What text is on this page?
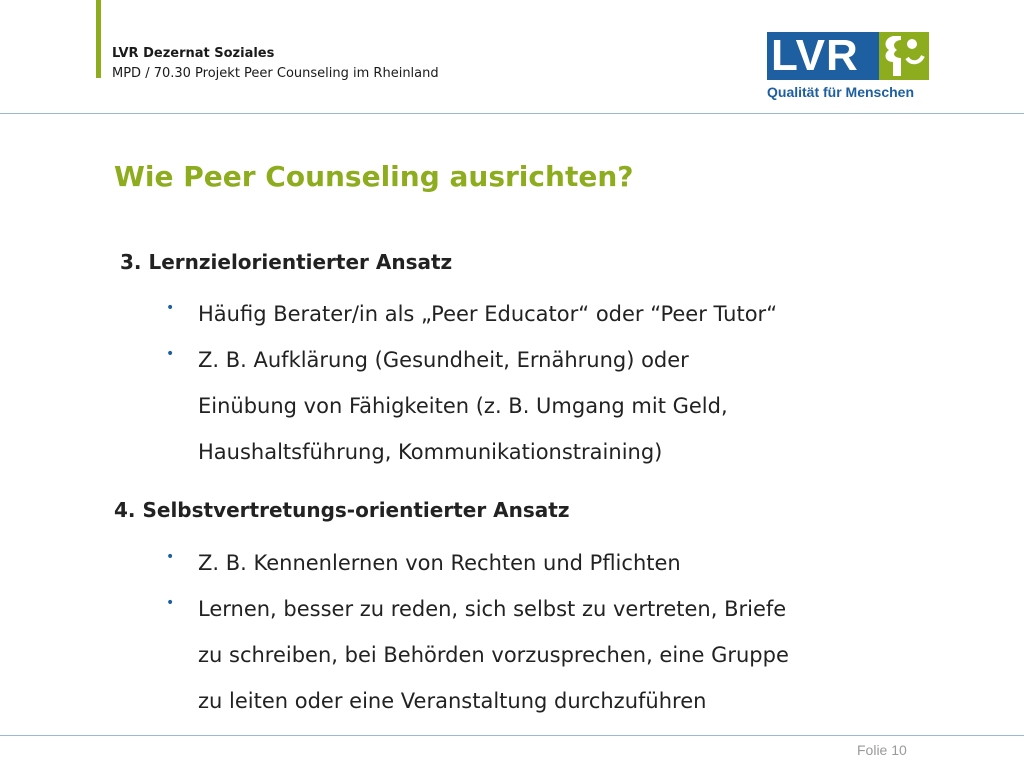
LVR Dezernat Soziales
MPD / 70.30 Projekt Peer Counseling im Rheinland	LVR
Qualität für Menschen
Wie Peer Counseling ausrichten?
3. Lernzielorientierter Ansatz
• Häufig Berater/in als „Peer Educator“ oder “Peer Tutor“
• Z. B. Aufklärung (Gesundheit, Ernährung) oder
Einübung von Fähigkeiten (z. B. Umgang mit Geld,
Haushaltsführung, Kommunikationstraining)
4. Selbstvertretungs-orientierter Ansatz
• Z. B. Kennenlernen von Rechten und Pflichten
• Lernen, besser zu reden, sich selbst zu vertreten, Briefe
zu schreiben, bei Behörden vorzusprechen, eine Gruppe
zu leiten oder eine Veranstaltung durchzuführen
Folie 10
